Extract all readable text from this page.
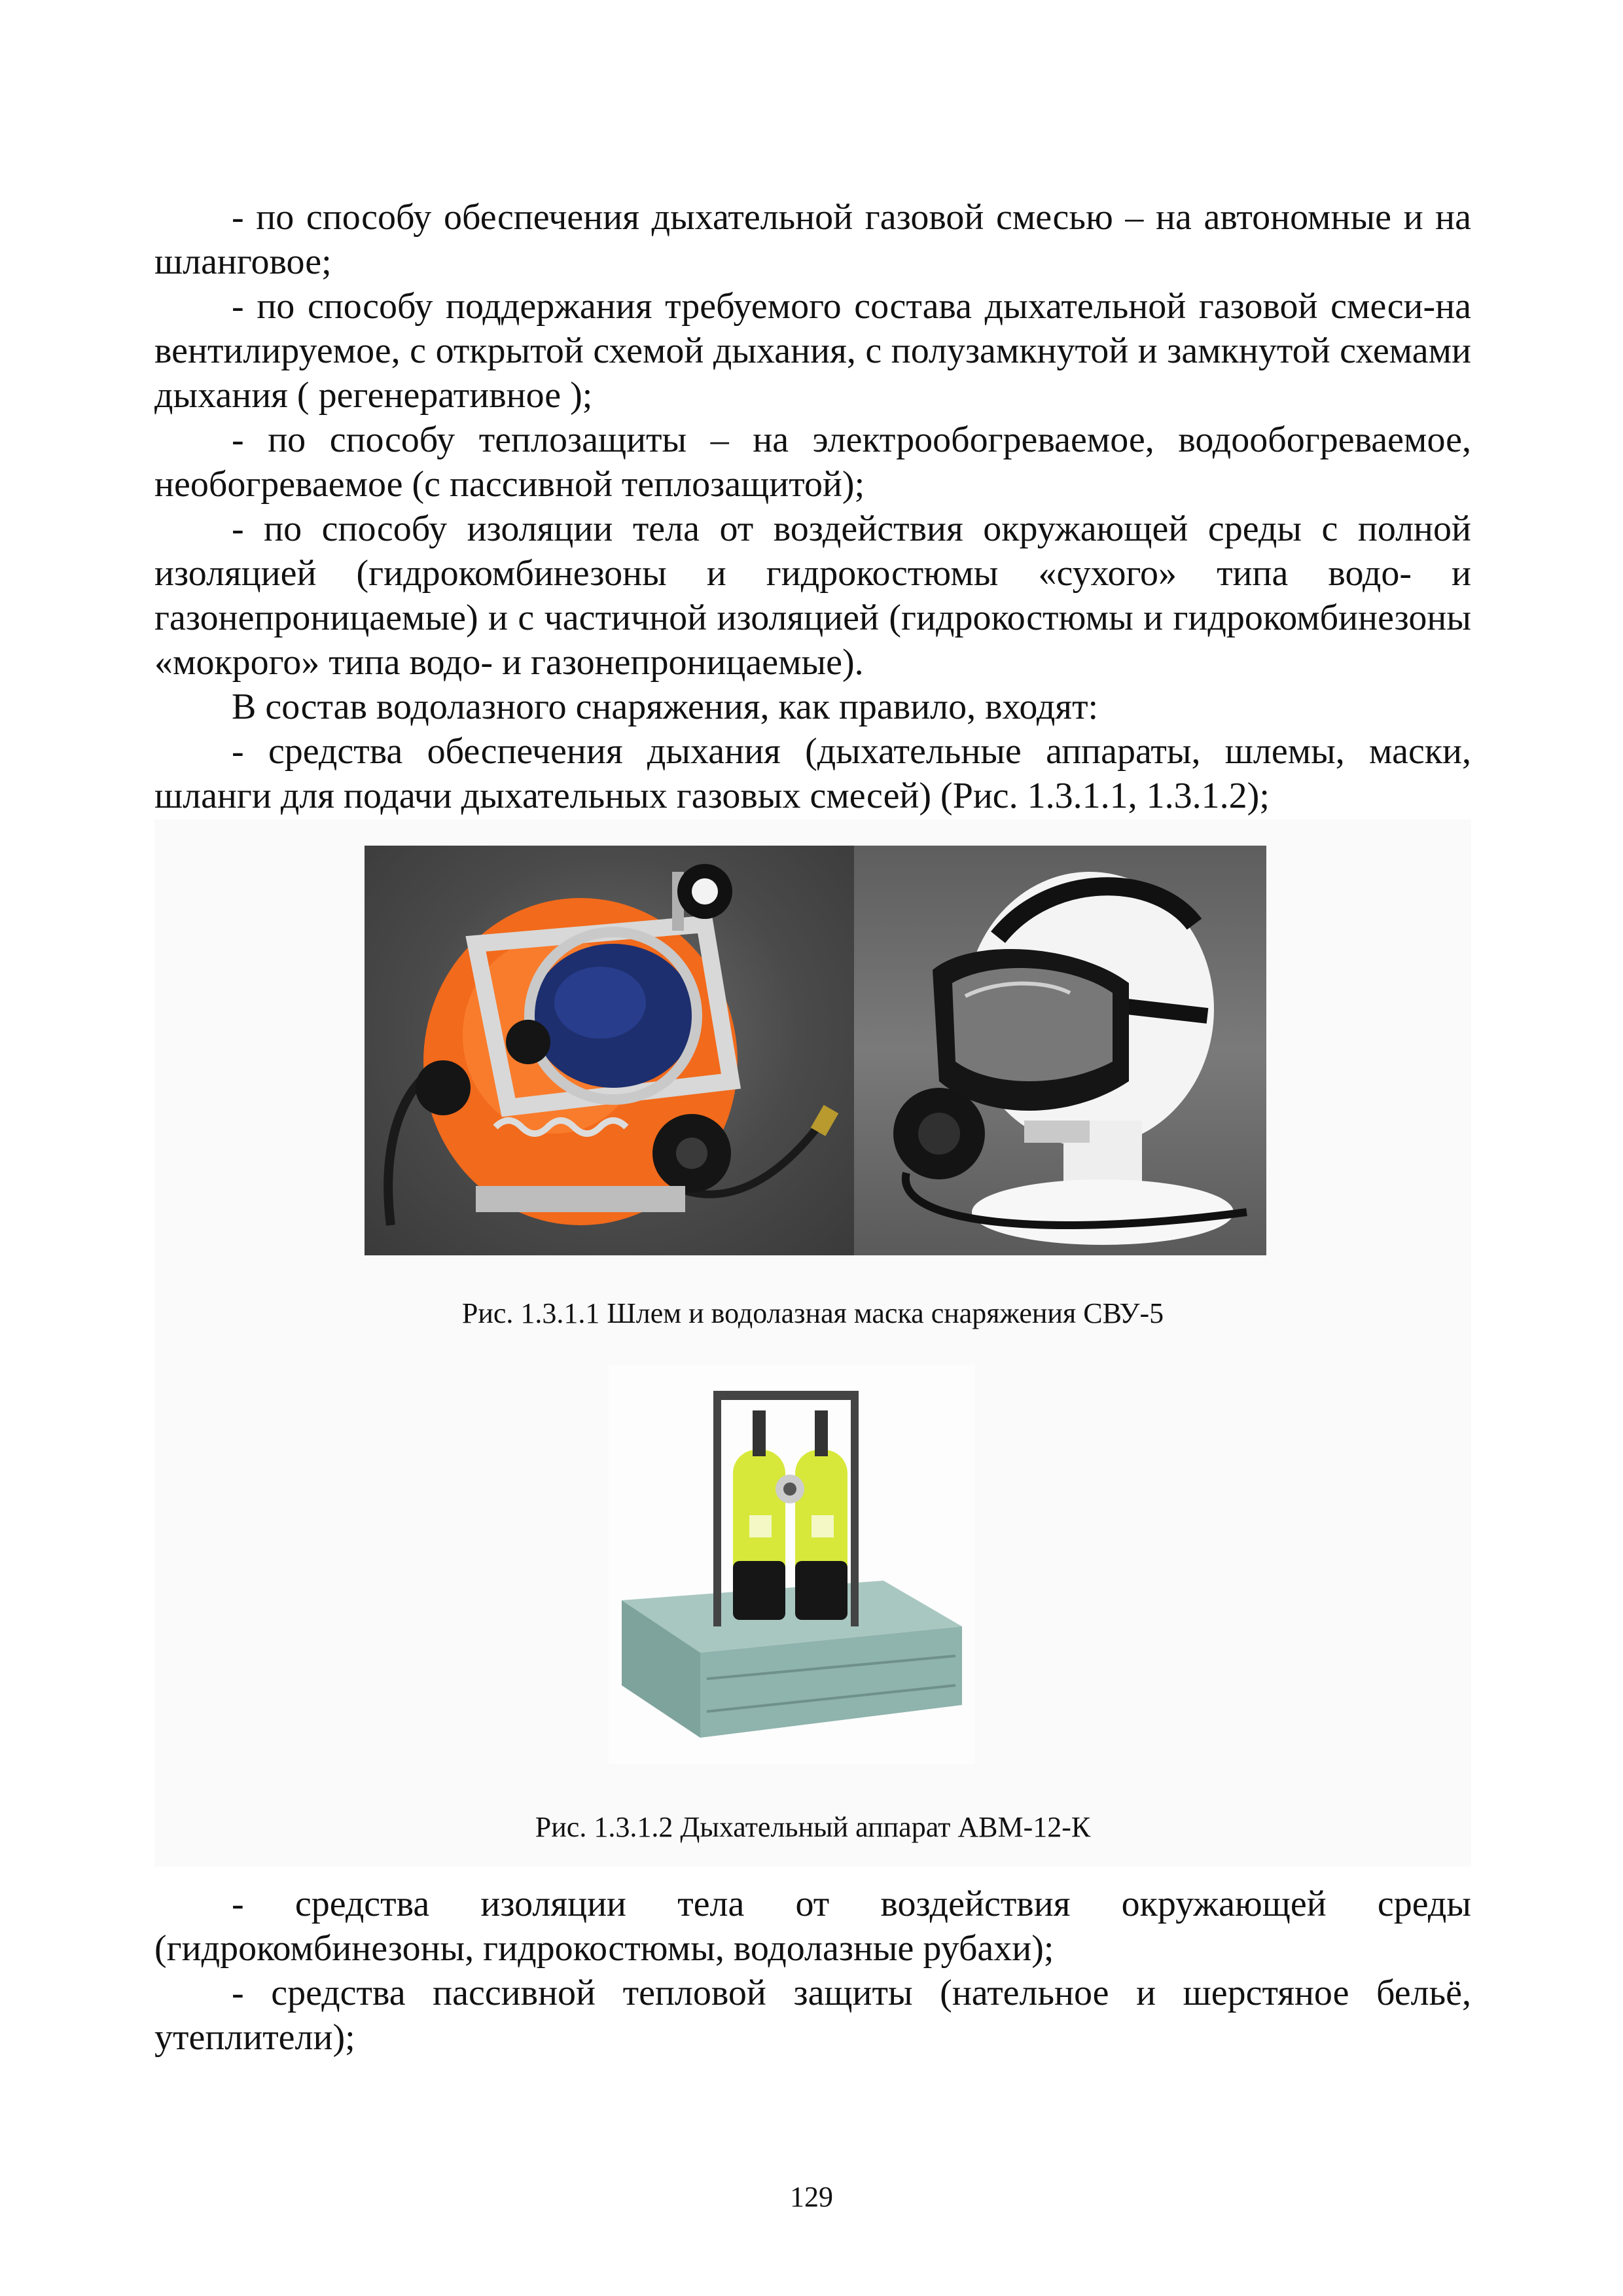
- по способу обеспечения дыхательной газовой смесью – на автономные и на шланговое;

- по способу поддержания требуемого состава дыхательной газовой смеси-на вентилируемое, с открытой схемой дыхания, с полузамкнутой и замкнутой схемами дыхания ( регенеративное );

- по способу теплозащиты – на электрообогреваемое, водообогреваемое, необогреваемое (с пассивной теплозащитой);

- по способу изоляции тела от воздействия окружающей среды с полной изоляцией (гидрокомбинезоны и гидрокостюмы «сухого» типа водо- и газонепроницаемые) и с частичной изоляцией (гидрокостюмы и гидрокомбинезоны «мокрого» типа водо- и газонепроницаемые).

В состав водолазного снаряжения, как правило, входят:

- средства обеспечения дыхания (дыхательные аппараты, шлемы, маски, шланги для подачи дыхательных газовых смесей) (Рис. 1.3.1.1, 1.3.1.2);

Рис. 1.3.1.1 Шлем и водолазная маска снаряжения СВУ-5
Рис. 1.3.1.2 Дыхательный аппарат АВМ-12-К

- средства изоляции тела от воздействия окружающей среды (гидрокомбинезоны, гидрокостюмы, водолазные рубахи);

- средства пассивной тепловой защиты (нательное и шерстяное бельё, утеплители);

129
